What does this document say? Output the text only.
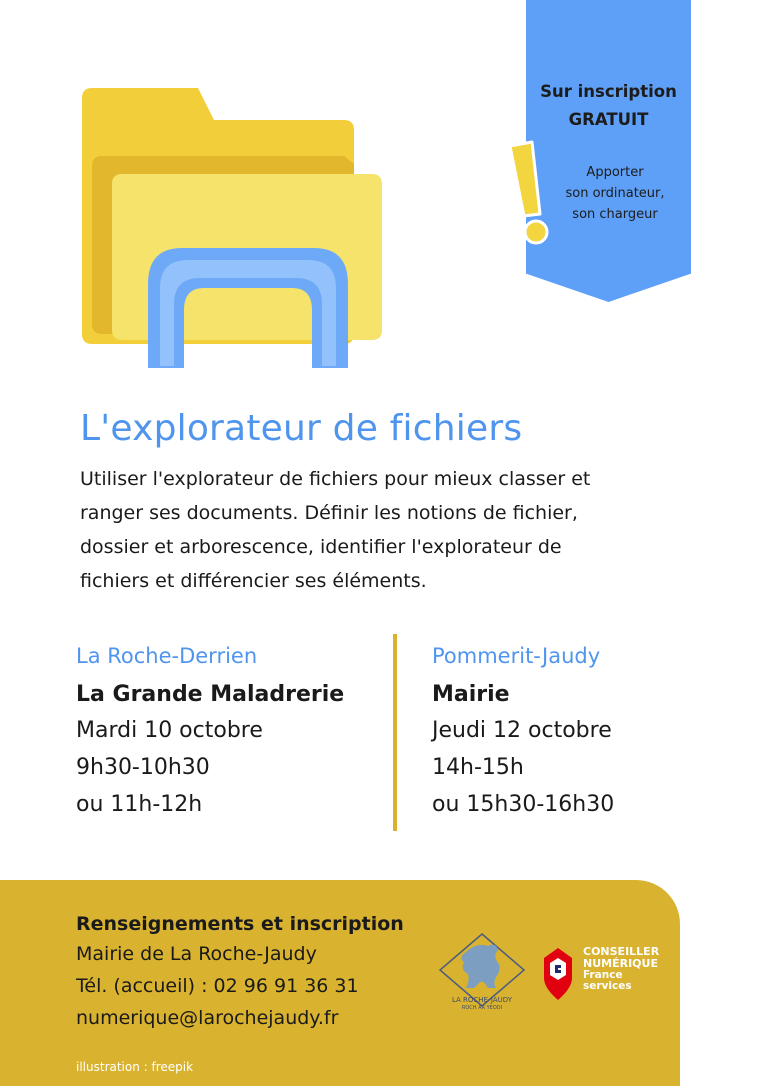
Sur inscription
GRATUIT
Apporter
son ordinateur,
son chargeur
L'explorateur de fichiers
Utiliser l'explorateur de fichiers pour mieux classer et
ranger ses documents. Définir les notions de fichier,
dossier et arborescence, identifier l'explorateur de
fichiers et différencier ses éléments.
La Roche-Derrien
La Grande Maladrerie
Mardi 10 octobre
9h30-10h30
ou 11h-12h
Pommerit-Jaudy
Mairie
Jeudi 12 octobre
14h-15h
ou 15h30-16h30
Renseignements et inscription
Mairie de La Roche-Jaudy
Tél. (accueil) : 02 96 91 36 31
numerique@larochejaudy.fr
illustration : freepik
LA ROCHE-JAUDY
ROCH AR YEODI
CONSEILLER
NUMÉRIQUE
France
services
